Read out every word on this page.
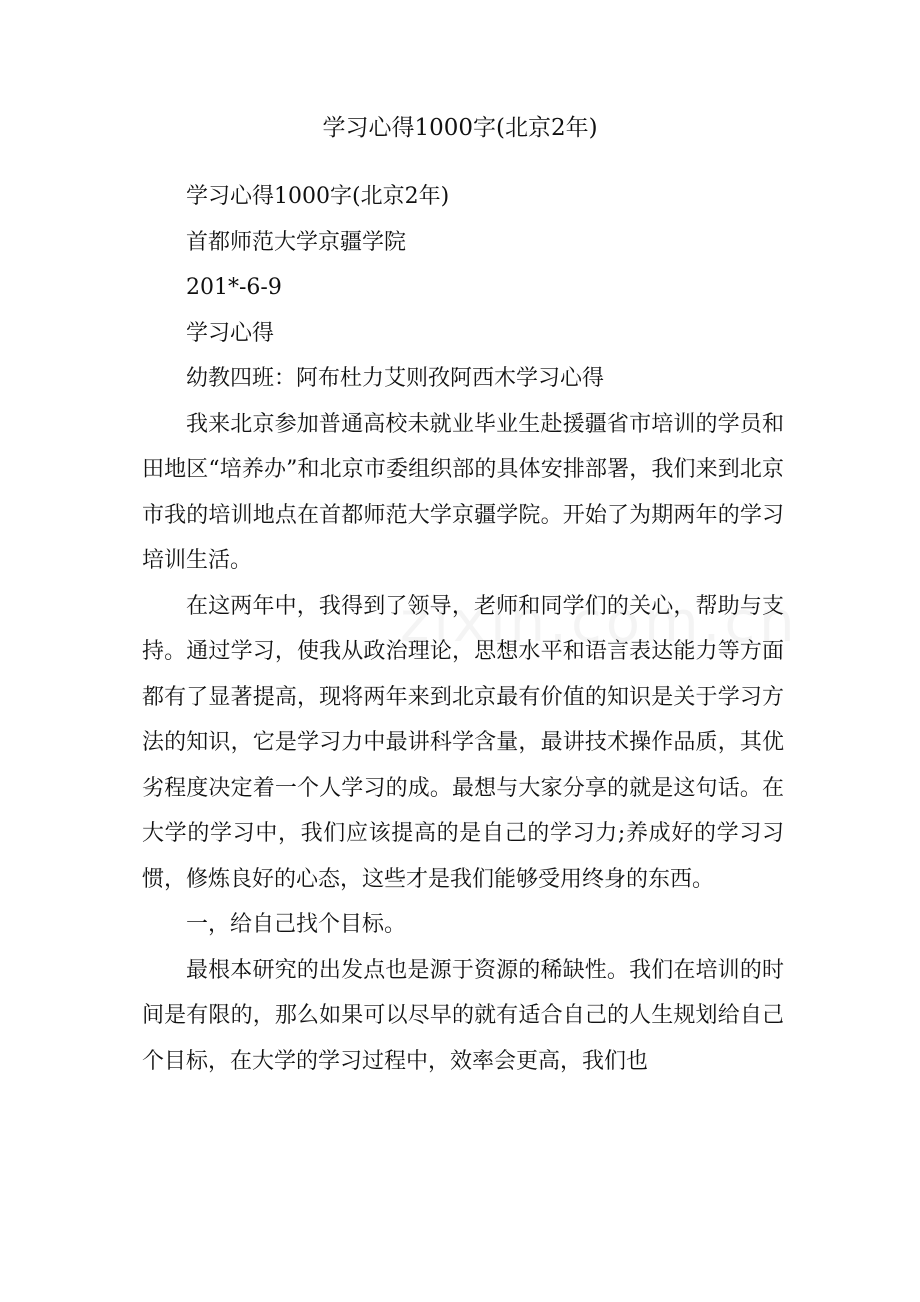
学习心得1000字(北京2年)

学习心得1000字(北京2年)

首都师范大学京疆学院

201*-6-9

学习心得

幼教四班：阿布杜力艾则孜阿西木学习心得

我来北京参加普通高校未就业毕业生赴援疆省市培训的学员和田地区“培养办”和北京市委组织部的具体安排部署，我们来到北京市我的培训地点在首都师范大学京疆学院。开始了为期两年的学习培训生活。

在这两年中，我得到了领导，老师和同学们的关心，帮助与支持。通过学习，使我从政治理论，思想水平和语言表达能力等方面都有了显著提高，现将两年来到北京最有价值的知识是关于学习方法的知识，它是学习力中最讲科学含量，最讲技术操作品质，其优劣程度决定着一个人学习的成。最想与大家分享的就是这句话。在大学的学习中，我们应该提高的是自己的学习力;养成好的学习习惯，修炼良好的心态，这些才是我们能够受用终身的东西。

一，给自己找个目标。

最根本研究的出发点也是源于资源的稀缺性。我们在培训的时间是有限的，那么如果可以尽早的就有适合自己的人生规划给自己个目标，在大学的学习过程中，效率会更高，我们也
